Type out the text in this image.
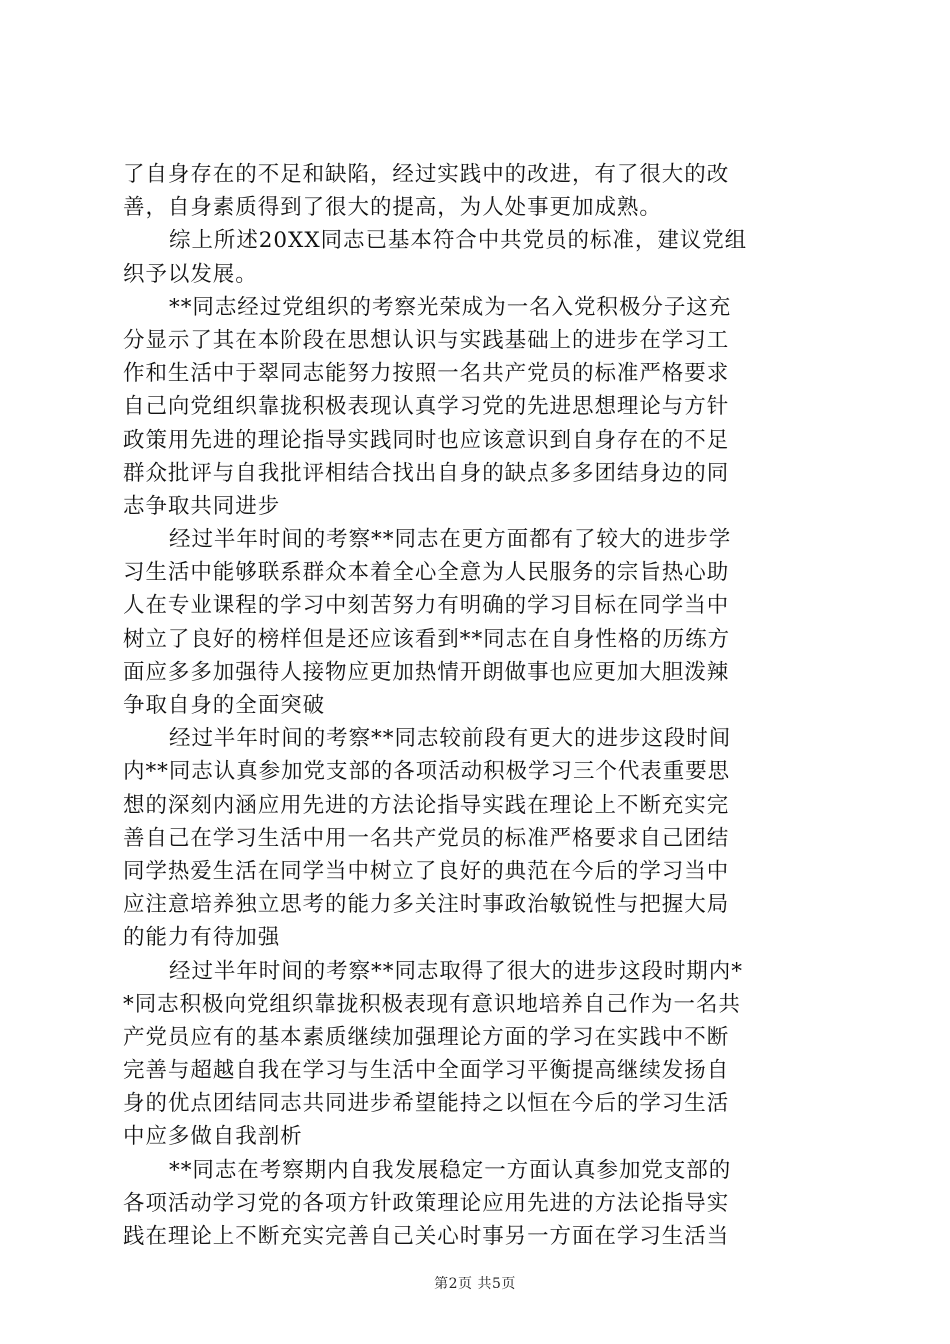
了自身存在的不足和缺陷，经过实践中的改进，有了很大的改
善，自身素质得到了很大的提高，为人处事更加成熟。
综上所述20XX同志已基本符合中共党员的标准，建议党组
织予以发展。
**同志经过党组织的考察光荣成为一名入党积极分子这充
分显示了其在本阶段在思想认识与实践基础上的进步在学习工
作和生活中于翠同志能努力按照一名共产党员的标准严格要求
自己向党组织靠拢积极表现认真学习党的先进思想理论与方针
政策用先进的理论指导实践同时也应该意识到自身存在的不足
群众批评与自我批评相结合找出自身的缺点多多团结身边的同
志争取共同进步
经过半年时间的考察**同志在更方面都有了较大的进步学
习生活中能够联系群众本着全心全意为人民服务的宗旨热心助
人在专业课程的学习中刻苦努力有明确的学习目标在同学当中
树立了良好的榜样但是还应该看到**同志在自身性格的历练方
面应多多加强待人接物应更加热情开朗做事也应更加大胆泼辣
争取自身的全面突破
经过半年时间的考察**同志较前段有更大的进步这段时间
内**同志认真参加党支部的各项活动积极学习三个代表重要思
想的深刻内涵应用先进的方法论指导实践在理论上不断充实完
善自己在学习生活中用一名共产党员的标准严格要求自己团结
同学热爱生活在同学当中树立了良好的典范在今后的学习当中
应注意培养独立思考的能力多关注时事政治敏锐性与把握大局
的能力有待加强
经过半年时间的考察**同志取得了很大的进步这段时期内*
*同志积极向党组织靠拢积极表现有意识地培养自己作为一名共
产党员应有的基本素质继续加强理论方面的学习在实践中不断
完善与超越自我在学习与生活中全面学习平衡提高继续发扬自
身的优点团结同志共同进步希望能持之以恒在今后的学习生活
中应多做自我剖析
**同志在考察期内自我发展稳定一方面认真参加党支部的
各项活动学习党的各项方针政策理论应用先进的方法论指导实
践在理论上不断充实完善自己关心时事另一方面在学习生活当
第2页 共5页
